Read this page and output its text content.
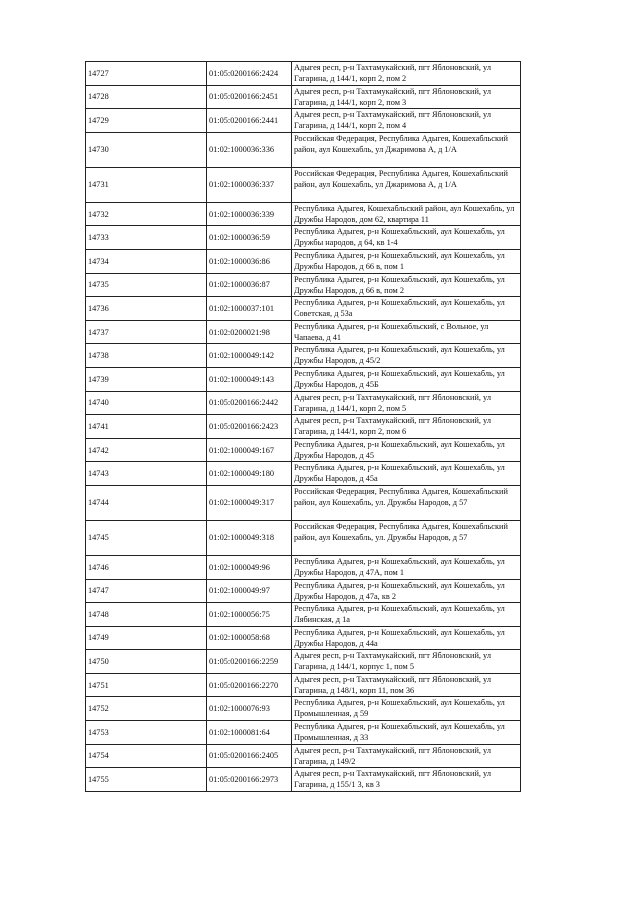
14727	01:05:0200166:2424	Адыгея респ, р-н Тахтамукайский, пгт Яблоновский, ул Гагарина, д 144/1, корп 2, пом 2
14728	01:05:0200166:2451	Адыгея респ, р-н Тахтамукайский, пгт Яблоновский, ул Гагарина, д 144/1, корп 2, пом 3
14729	01:05:0200166:2441	Адыгея респ, р-н Тахтамукайский, пгт Яблоновский, ул Гагарина, д 144/1, корп 2, пом 4
14730	01:02:1000036:336	Российская Федерация, Республика Адыгея, Кошехабльский район, аул Кошехабль, ул Джаримова А, д 1/А
14731	01:02:1000036:337	Российская Федерация, Республика Адыгея, Кошехабльский район, аул Кошехабль, ул Джаримова А, д 1/А
14732	01:02:1000036:339	Республика Адыгея, Кошехабльский район, аул Кошехабль, ул Дружбы Народов, дом 62, квартира 11
14733	01:02:1000036:59	Республика Адыгея, р-н Кошехабльский, аул Кошехабль, ул Дружбы народов, д 64, кв 1-4
14734	01:02:1000036:86	Республика Адыгея, р-н Кошехабльский, аул Кошехабль, ул Дружбы Народов, д 66 в, пом 1
14735	01:02:1000036:87	Республика Адыгея, р-н Кошехабльский, аул Кошехабль, ул Дружбы Народов, д 66 в, пом 2
14736	01:02:1000037:101	Республика Адыгея, р-н Кошехабльский, аул Кошехабль, ул Советская, д 53а
14737	01:02:0200021:98	Республика Адыгея, р-н Кошехабльский, с Вольное, ул Чапаева, д 41
14738	01:02:1000049:142	Республика Адыгея, р-н Кошехабльский, аул Кошехабль, ул Дружбы Народов, д 45/2
14739	01:02:1000049:143	Республика Адыгея, р-н Кошехабльский, аул Кошехабль, ул Дружбы Народов, д 45Б
14740	01:05:0200166:2442	Адыгея респ, р-н Тахтамукайский, пгт Яблоновский, ул Гагарина, д 144/1, корп 2, пом 5
14741	01:05:0200166:2423	Адыгея респ, р-н Тахтамукайский, пгт Яблоновский, ул Гагарина, д 144/1, корп 2, пом 6
14742	01:02:1000049:167	Республика Адыгея, р-н Кошехабльский, аул Кошехабль, ул Дружбы Народов, д 45
14743	01:02:1000049:180	Республика Адыгея, р-н Кошехабльский, аул Кошехабль, ул Дружбы Народов, д 45а
14744	01:02:1000049:317	Российская Федерация, Республика Адыгея, Кошехабльский район, аул Кошехабль, ул. Дружбы Народов, д 57
14745	01:02:1000049:318	Российская Федерация, Республика Адыгея, Кошехабльский район, аул Кошехабль, ул. Дружбы Народов, д 57
14746	01:02:1000049:96	Республика Адыгея, р-н Кошехабльский, аул Кошехабль, ул Дружбы Народов, д 47А, пом 1
14747	01:02:1000049:97	Республика Адыгея, р-н Кошехабльский, аул Кошехабль, ул Дружбы Народов, д 47а, кв 2
14748	01:02:1000056:75	Республика Адыгея, р-н Кошехабльский, аул Кошехабль, ул Лябинская, д 1а
14749	01:02:1000058:68	Республика Адыгея, р-н Кошехабльский, аул Кошехабль, ул Дружбы Народов, д 44а
14750	01:05:0200166:2259	Адыгея респ, р-н Тахтамукайский, пгт Яблоновский, ул Гагарина, д 144/1, корпус 1, пом 5
14751	01:05:0200166:2270	Адыгея респ, р-н Тахтамукайский, пгт Яблоновский, ул Гагарина, д 148/1, корп 11, пом 36
14752	01:02:1000076:93	Республика Адыгея, р-н Кошехабльский, аул Кошехабль, ул Промышленная, д 59
14753	01:02:1000081:64	Республика Адыгея, р-н Кошехабльский, аул Кошехабль, ул Промышленная, д 33
14754	01:05:0200166:2405	Адыгея респ, р-н Тахтамукайский, пгт Яблоновский, ул Гагарина, д 149/2
14755	01:05:0200166:2973	Адыгея респ, р-н Тахтамукайский, пгт Яблоновский, ул Гагарина, д 155/1 3, кв 3
